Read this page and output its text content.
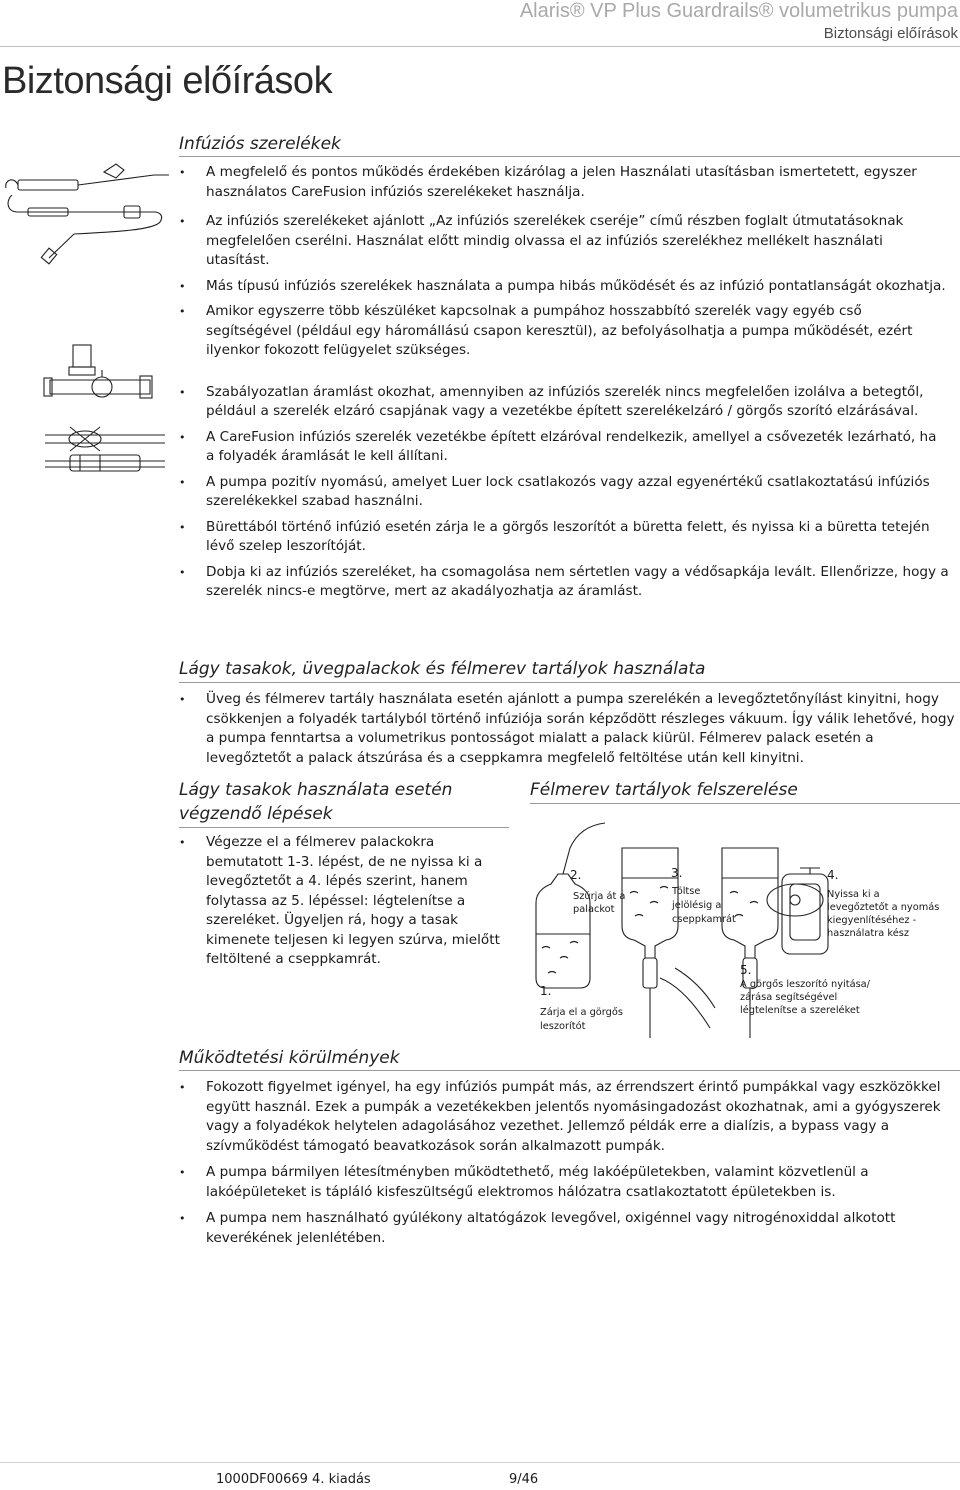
Alaris® VP Plus Guardrails® volumetrikus pumpa
Biztonsági előírások
Biztonsági előírások
Infúziós szerelékek
• A megfelelő és pontos működés érdekében kizárólag a jelen Használati utasításban ismertetett, egyszer használatos CareFusion infúziós szerelékeket használja.
• Az infúziós szerelékeket ajánlott „Az infúziós szerelékek cseréje” című részben foglalt útmutatásoknak megfelelően cserélni. Használat előtt mindig olvassa el az infúziós szerelékhez mellékelt használati utasítást.
• Más típusú infúziós szerelékek használata a pumpa hibás működését és az infúzió pontatlanságát okozhatja.
• Amikor egyszerre több készüléket kapcsolnak a pumpához hosszabbító szerelék vagy egyéb cső segítségével (például egy háromállású csapon keresztül), az befolyásolhatja a pumpa működését, ezért ilyenkor fokozott felügyelet szükséges.
• Szabályozatlan áramlást okozhat, amennyiben az infúziós szerelék nincs megfelelően izolálva a betegtől, például a szerelék elzáró csapjának vagy a vezetékbe épített szerelékelzáró / görgős szorító elzárásával.
• A CareFusion infúziós szerelék vezetékbe épített elzáróval rendelkezik, amellyel a csővezeték lezárható, ha a folyadék áramlását le kell állítani.
• A pumpa pozitív nyomású, amelyet Luer lock csatlakozós vagy azzal egyenértékű csatlakoztatású infúziós szerelékekkel szabad használni.
• Bürettából történő infúzió esetén zárja le a görgős leszorítót a büretta felett, és nyissa ki a büretta tetején lévő szelep leszorítóját.
• Dobja ki az infúziós szereléket, ha csomagolása nem sértetlen vagy a védősapkája levált. Ellenőrizze, hogy a szerelék nincs-e megtörve, mert az akadályozhatja az áramlást.
Lágy tasakok, üvegpalackok és félmerev tartályok használata
• Üveg és félmerev tartály használata esetén ajánlott a pumpa szerelékén a levegőztetőnyílást kinyitni, hogy csökkenjen a folyadék tartályból történő infúziója során képződött részleges vákuum. Így válik lehetővé, hogy a pumpa fenntartsa a volumetrikus pontosságot mialatt a palack kiürül. Félmerev palack esetén a levegőztetőt a palack átszúrása és a cseppkamra megfelelő feltöltése után kell kinyitni.
Lágy tasakok használata esetén
végzendő lépések
• Végezze el a félmerev palackokra bemutatott 1-3. lépést, de ne nyissa ki a levegőztetőt a 4. lépés szerint, hanem folytassa az 5. lépéssel: légtelenítse a szereléket. Ügyeljen rá, hogy a tasak kimenete teljesen ki legyen szúrva, mielőtt feltöltené a cseppkamrát.
Félmerev tartályok felszerelése
2.
Szúrja át a
palackot
3.
Töltse
jelölésig a
cseppkamrát
4.
Nyissa ki a
levegőztetőt a nyomás
kiegyenlítéséhez -
használatra kész
5.
A görgős leszorító nyitása/
zárása segítségével
légtelenítse a szereléket
1.
Zárja el a görgős
leszorítót
Működtetési körülmények
• Fokozott figyelmet igényel, ha egy infúziós pumpát más, az érrendszert érintő pumpákkal vagy eszközökkel együtt használ. Ezek a pumpák a vezetékekben jelentős nyomásingadozást okozhatnak, ami a gyógyszerek vagy a folyadékok helytelen adagolásához vezethet. Jellemző példák erre a dialízis, a bypass vagy a szívműködést támogató beavatkozások során alkalmazott pumpák.
• A pumpa bármilyen létesítményben működtethető, még lakóépületekben, valamint közvetlenül a lakóépületeket is tápláló kisfeszültségű elektromos hálózatra csatlakoztatott épületekben is.
• A pumpa nem használható gyúlékony altatógázok levegővel, oxigénnel vagy nitrogénoxiddal alkotott keverékének jelenlétében.
1000DF00669 4. kiadás	9/46
